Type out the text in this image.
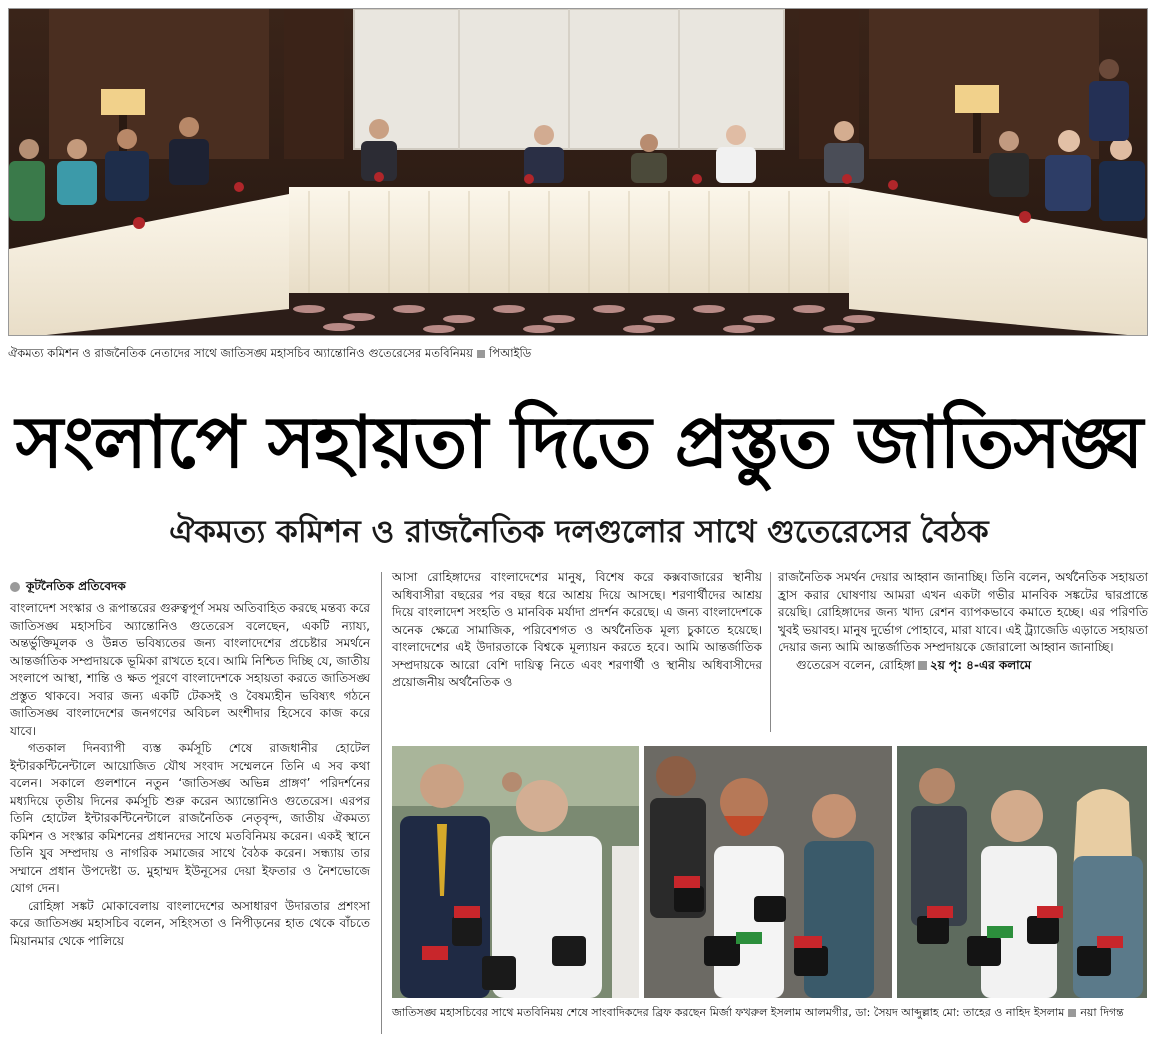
ঐকমত্য কমিশন ও রাজনৈতিক নেতাদের সাথে জাতিসঙ্ঘ মহাসচিব অ্যান্তোনিও গুতেরেসের মতবিনিময় পিআইডি
সংলাপে সহায়তা দিতে প্রস্তুত জাতিসঙ্ঘ
ঐকমত্য কমিশন ও রাজনৈতিক দলগুলোর সাথে গুতেরেসের বৈঠক
কূটনৈতিক প্রতিবেদক

বাংলাদেশ সংস্কার ও রূপান্তরের গুরুত্বপূর্ণ সময় অতিবাহিত করছে মন্তব্য করে জাতিসঙ্ঘ মহাসচিব অ্যান্তোনিও গুতেরেস বলেছেন, একটি ন্যায্য, অন্তর্ভুক্তিমূলক ও উন্নত ভবিষ্যতের জন্য বাংলাদেশের প্রচেষ্টার সমর্থনে আন্তর্জাতিক সম্প্রদায়কে ভূমিকা রাখতে হবে। আমি নিশ্চিত দিচ্ছি যে, জাতীয় সংলাপে আস্থা, শান্তি ও ক্ষত পূরণে বাংলাদেশকে সহায়তা করতে জাতিসঙ্ঘ প্রস্তুত থাকবে। সবার জন্য একটি টেকসই ও বৈষম্যহীন ভবিষ্যৎ গঠনে জাতিসঙ্ঘ বাংলাদেশের জনগণের অবিচল অংশীদার হিসেবে কাজ করে যাবে।

গতকাল দিনব্যাপী ব্যস্ত কর্মসূচি শেষে রাজধানীর হোটেল ইন্টারকন্টিনেন্টালে আয়োজিত যৌথ সংবাদ সম্মেলনে তিনি এ সব কথা বলেন। সকালে গুলশানে নতুন ‘জাতিসঙ্ঘ অভিন্ন প্রাঙ্গণ’ পরিদর্শনের মধ্যদিয়ে তৃতীয় দিনের কর্মসূচি শুরু করেন অ্যান্তোনিও গুতেরেস। এরপর তিনি হোটেল ইন্টারকন্টিনেন্টালে রাজনৈতিক নেতৃবৃন্দ, জাতীয় ঐকমত্য কমিশন ও সংস্কার কমিশনের প্রধানদের সাথে মতবিনিময় করেন। একই স্থানে তিনি যুব সম্প্রদায় ও নাগরিক সমাজের সাথে বৈঠক করেন। সন্ধ্যায় তার সম্মানে প্রধান উপদেষ্টা ড. মুহাম্মদ ইউনূসের দেয়া ইফতার ও নৈশভোজে যোগ দেন।

রোহিঙ্গা সঙ্কট মোকাবেলায় বাংলাদেশের অসাধারণ উদারতার প্রশংসা করে জাতিসঙ্ঘ মহাসচিব বলেন, সহিংসতা ও নিপীড়নের হাত থেকে বাঁচতে মিয়ানমার থেকে পালিয়ে

আসা রোহিঙ্গাদের বাংলাদেশের মানুষ, বিশেষ করে কক্সবাজারের স্থানীয় অধিবাসীরা বছরের পর বছর ধরে আশ্রয় দিয়ে আসছে। শরণার্থীদের আশ্রয় দিয়ে বাংলাদেশ সংহতি ও মানবিক মর্যাদা প্রদর্শন করেছে। এ জন্য বাংলাদেশকে অনেক ক্ষেত্রে সামাজিক, পরিবেশগত ও অর্থনৈতিক মূল্য চুকাতে হয়েছে। বাংলাদেশের এই উদারতাকে বিশ্বকে মূল্যায়ন করতে হবে। আমি আন্তর্জাতিক সম্প্রদায়কে আরো বেশি দায়িত্ব নিতে এবং শরণার্থী ও স্থানীয় অধিবাসীদের প্রয়োজনীয় অর্থনৈতিক ও

রাজনৈতিক সমর্থন দেয়ার আহ্বান জানাচ্ছি। তিনি বলেন, অর্থনৈতিক সহায়তা হ্রাস করার ঘোষণায় আমরা এখন একটা গভীর মানবিক সঙ্কটের দ্বারপ্রান্তে রয়েছি। রোহিঙ্গাদের জন্য খাদ্য রেশন ব্যাপকভাবে কমাতে হচ্ছে। এর পরিণতি খুবই ভয়াবহ। মানুষ দুর্ভোগ পোহাবে, মারা যাবে। এই ট্র্যাজেডি এড়াতে সহায়তা দেয়ার জন্য আমি আন্তর্জাতিক সম্প্রদায়কে জোরালো আহ্বান জানাচ্ছি।

গুতেরেস বলেন, রোহিঙ্গা ২য় পৃ: ৪-এর কলামে

জাতিসঙ্ঘ মহাসচিবের সাথে মতবিনিময় শেষে সাংবাদিকদের ব্রিফ করছেন মির্জা ফখরুল ইসলাম আলমগীর, ডা: সৈয়দ আব্দুল্লাহ মো: তাহের ও নাহিদ ইসলাম নয়া দিগন্ত
